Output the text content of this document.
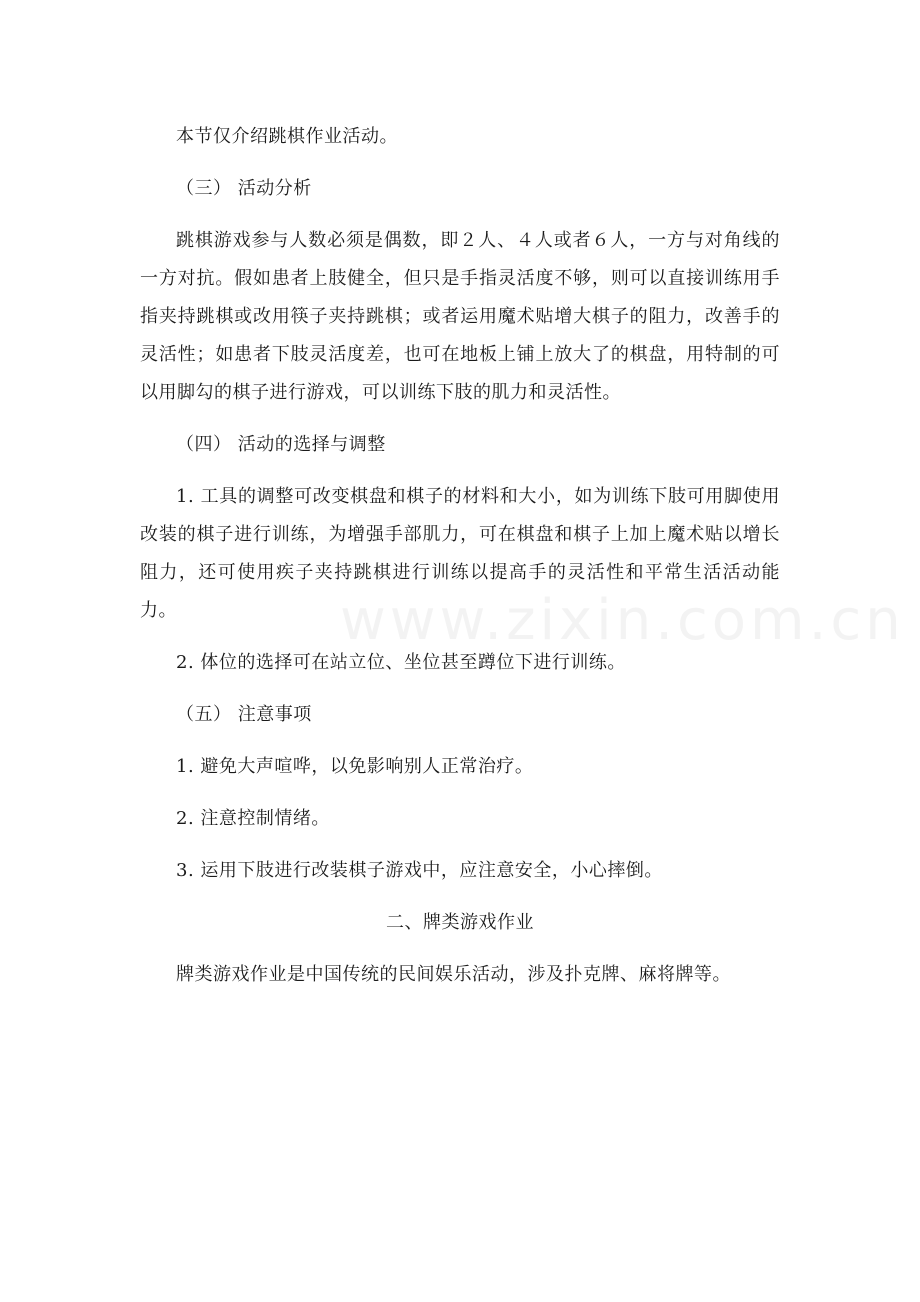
本节仅介绍跳棋作业活动。

（三） 活动分析

跳棋游戏参与人数必须是偶数，即２人、４人或者６人，一方与对角线的一方对抗。假如患者上肢健全，但只是手指灵活度不够，则可以直接训练用手指夹持跳棋或改用筷子夹持跳棋；或者运用魔术贴增大棋子的阻力，改善手的灵活性；如患者下肢灵活度差，也可在地板上铺上放大了的棋盘，用特制的可以用脚勾的棋子进行游戏，可以训练下肢的肌力和灵活性。

（四） 活动的选择与调整

1. 工具的调整可改变棋盘和棋子的材料和大小，如为训练下肢可用脚使用改装的棋子进行训练，为增强手部肌力，可在棋盘和棋子上加上魔术贴以增长阻力，还可使用疾子夹持跳棋进行训练以提高手的灵活性和平常生活活动能力。

2. 体位的选择可在站立位、坐位甚至蹲位下进行训练。

（五） 注意事项

1. 避免大声喧哗，以免影响别人正常治疗。

2. 注意控制情绪。

3. 运用下肢进行改装棋子游戏中，应注意安全，小心摔倒。

二、牌类游戏作业

牌类游戏作业是中国传统的民间娱乐活动，涉及扑克牌、麻将牌等。

www.zixin.com.cn
